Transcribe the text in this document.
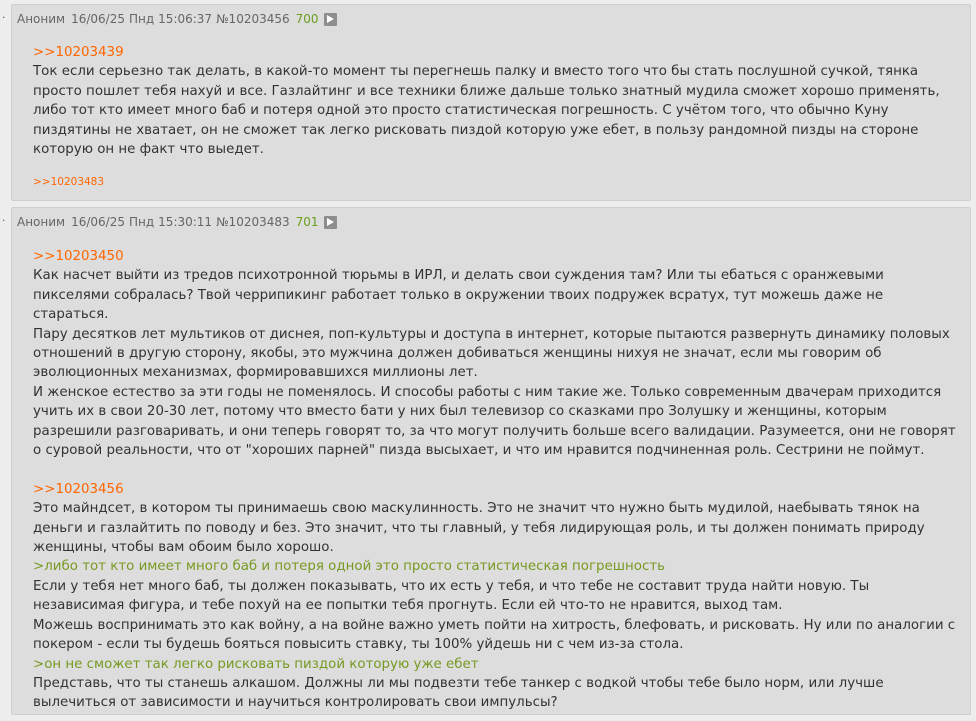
. Аноним 16/06/25 Пнд 15:06:37 №10203456 700

>>10203439

Ток если серьезно так делать, в какой-то момент ты перегнешь палку и вместо того что бы стать послушной сучкой, тянка просто пошлет тебя нахуй и все. Газлайтинг и все техники ближе дальше только знатный мудила сможет хорошо применять, либо тот кто имеет много баб и потеря одной это просто статистическая погрешность. С учётом того, что обычно Куну пиздятины не хватает, он не сможет так легко рисковать пиздой которую уже ебет, в пользу рандомной пизды на стороне которую он не факт что выедет.

>>10203483
. Аноним 16/06/25 Пнд 15:30:11 №10203483 701

>>10203450

Как насчет выйти из тредов психотронной тюрьмы в ИРЛ, и делать свои суждения там? Или ты ебаться с оранжевыми пикселями собралась? Твой черрипикинг работает только в окружении твоих подружек всратух, тут можешь даже не стараться.

Пару десятков лет мультиков от диснея, поп-культуры и доступа в интернет, которые пытаются развернуть динамику половых отношений в другую сторону, якобы, это мужчина должен добиваться женщины нихуя не значат, если мы говорим об эволюционных механизмах, формировавшихся миллионы лет.

И женское естество за эти годы не поменялось. И способы работы с ним такие же. Только современным двачерам приходится учить их в свои 20-30 лет, потому что вместо бати у них был телевизор со сказками про Золушку и женщины, которым разрешили разговаривать, и они теперь говорят то, за что могут получить больше всего валидации. Разумеется, они не говорят о суровой реальности, что от "хороших парней" пизда высыхает, и что им нравится подчиненная роль. Сестрини не поймут.

>>10203456

Это майндсет, в котором ты принимаешь свою маскулинность. Это не значит что нужно быть мудилой, наебывать тянок на деньги и газлайтить по поводу и без. Это значит, что ты главный, у тебя лидирующая роль, и ты должен понимать природу женщины, чтобы вам обоим было хорошо.

>либо тот кто имеет много баб и потеря одной это просто статистическая погрешность

Если у тебя нет много баб, ты должен показывать, что их есть у тебя, и что тебе не составит труда найти новую. Ты независимая фигура, и тебе похуй на ее попытки тебя прогнуть. Если ей что-то не нравится, выход там.

Можешь воспринимать это как войну, а на войне важно уметь пойти на хитрость, блефовать, и рисковать. Ну или по аналогии с покером - если ты будешь бояться повысить ставку, ты 100% уйдешь ни с чем из-за стола.

>он не сможет так легко рисковать пиздой которую уже ебет

Представь, что ты станешь алкашом. Должны ли мы подвезти тебе танкер с водкой чтобы тебе было норм, или лучше вылечиться от зависимости и научиться контролировать свои импульсы?
